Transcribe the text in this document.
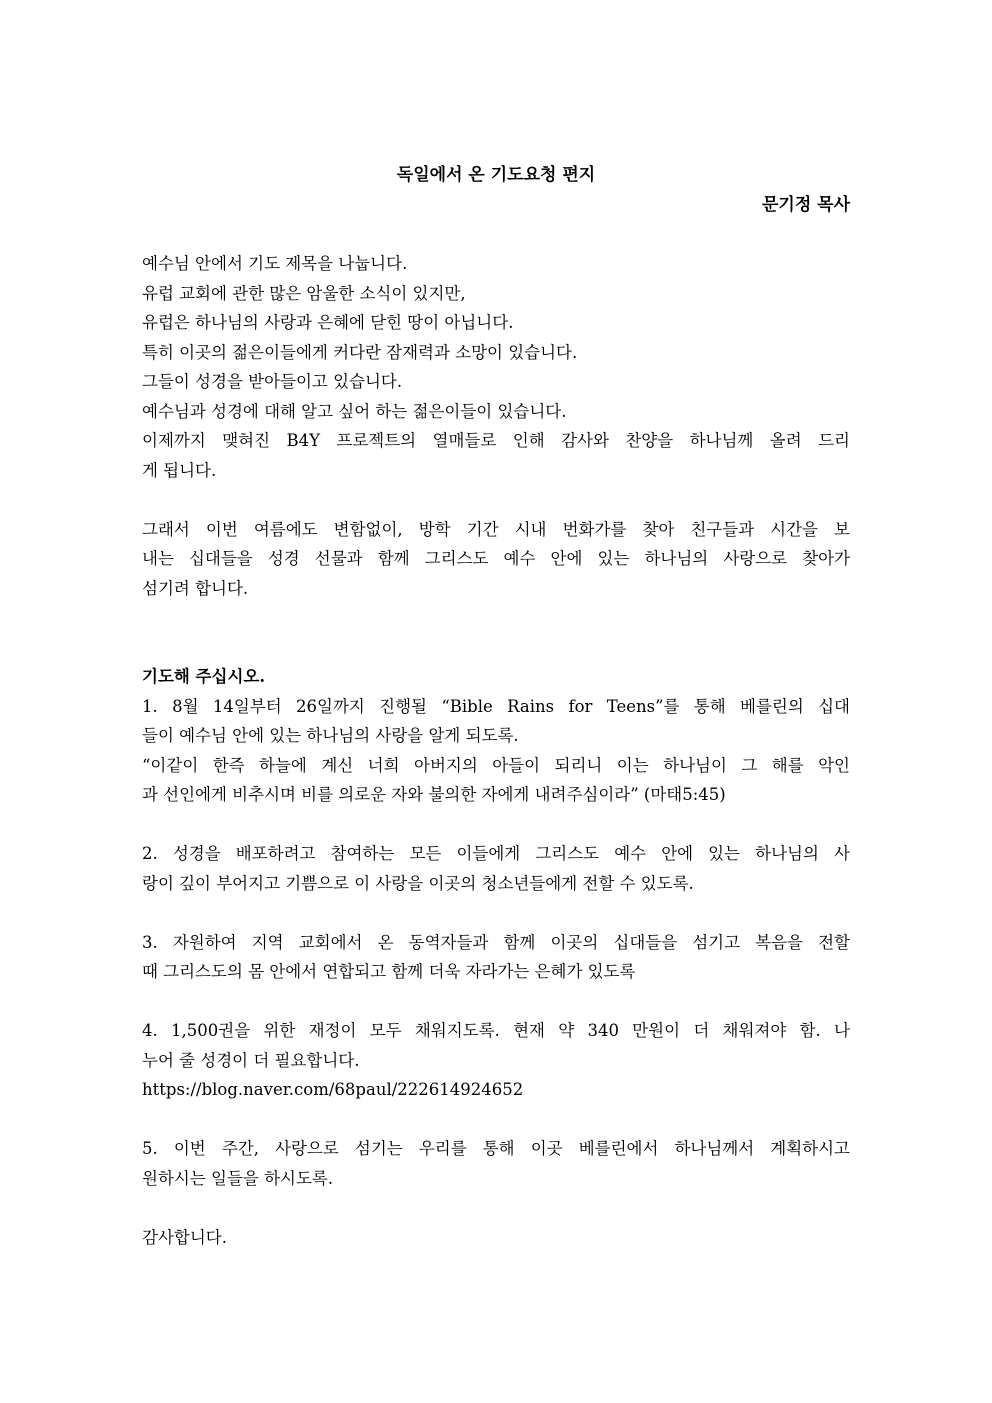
독일에서 온 기도요청 편지
문기정 목사
예수님 안에서 기도 제목을 나눕니다.
유럽 교회에 관한 많은 암울한 소식이 있지만,
유럽은 하나님의 사랑과 은혜에 닫힌 땅이 아닙니다.
특히 이곳의 젊은이들에게 커다란 잠재력과 소망이 있습니다.
그들이 성경을 받아들이고 있습니다.
예수님과 성경에 대해 알고 싶어 하는 젊은이들이 있습니다.
이제까지 맺혀진 B4Y 프로젝트의 열매들로 인해 감사와 찬양을 하나님께 올려 드리
게 됩니다.
그래서 이번 여름에도 변함없이, 방학 기간 시내 번화가를 찾아 친구들과 시간을 보
내는 십대들을 성경 선물과 함께 그리스도 예수 안에 있는 하나님의 사랑으로 찾아가
섬기려 합니다.
기도해 주십시오.
1. 8월 14일부터 26일까지 진행될 “Bible Rains for Teens”를 통해 베를린의 십대
들이 예수님 안에 있는 하나님의 사랑을 알게 되도록.
“이같이 한즉 하늘에 계신 너희 아버지의 아들이 되리니 이는 하나님이 그 해를 악인
과 선인에게 비추시며 비를 의로운 자와 불의한 자에게 내려주심이라” (마태5:45)
2. 성경을 배포하려고 참여하는 모든 이들에게 그리스도 예수 안에 있는 하나님의 사
랑이 깊이 부어지고 기쁨으로 이 사랑을 이곳의 청소년들에게 전할 수 있도록.
3. 자원하여 지역 교회에서 온 동역자들과 함께 이곳의 십대들을 섬기고 복음을 전할
때 그리스도의 몸 안에서 연합되고 함께 더욱 자라가는 은혜가 있도록
4. 1,500권을 위한 재정이 모두 채워지도록. 현재 약 340 만원이 더 채워져야 함. 나
누어 줄 성경이 더 필요합니다.
https://blog.naver.com/68paul/222614924652
5. 이번 주간, 사랑으로 섬기는 우리를 통해 이곳 베를린에서 하나님께서 계획하시고
원하시는 일들을 하시도록.
감사합니다.
